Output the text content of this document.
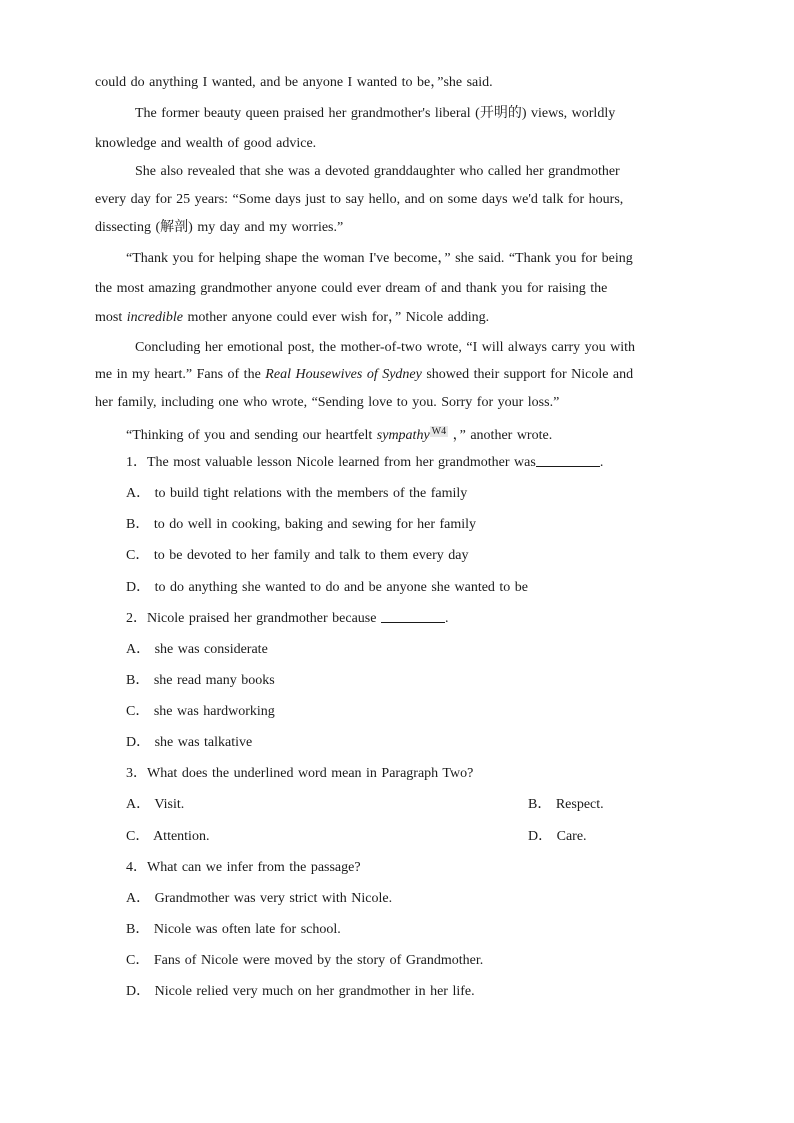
could do anything I wanted, and be anyone I wanted to be，”she said.
The former beauty queen praised her grandmother's liberal (开明的) views, worldly
knowledge and wealth of good advice.
She also revealed that she was a devoted granddaughter who called her grandmother
every day for 25 years: “Some days just to say hello, and on some days we'd talk for hours,
dissecting (解剖) my day and my worries.”
“Thank you for helping shape the woman I've become，” she said. “Thank you for being
the most amazing grandmother anyone could ever dream of and thank you for raising the
most incredible mother anyone could ever wish for，” Nicole adding.
Concluding her emotional post, the mother-of-two wrote, “I will always carry you with
me in my heart.” Fans of the Real Housewives of Sydney showed their support for Nicole and
her family, including one who wrote, “Sending love to you. Sorry for your loss.”
“Thinking of you and sending our heartfelt sympathy $^{W4}$ ，” another wrote.
1．The most valuable lesson Nicole learned from her grandmother was	.
A． to build tight relations with the members of the family
B． to do well in cooking, baking and sewing for her family
C． to be devoted to her family and talk to them every day
D． to do anything she wanted to do and be anyone she wanted to be
2．Nicole praised her grandmother because	.
A． she was considerate
B． she read many books
C． she was hardworking
D． she was talkative
3．What does the underlined word mean in Paragraph Two?
A． Visit.	B． Respect.
C． Attention.	D． Care.
4．What can we infer from the passage?
A． Grandmother was very strict with Nicole.
B． Nicole was often late for school.
C． Fans of Nicole were moved by the story of Grandmother.
D． Nicole relied very much on her grandmother in her life.
